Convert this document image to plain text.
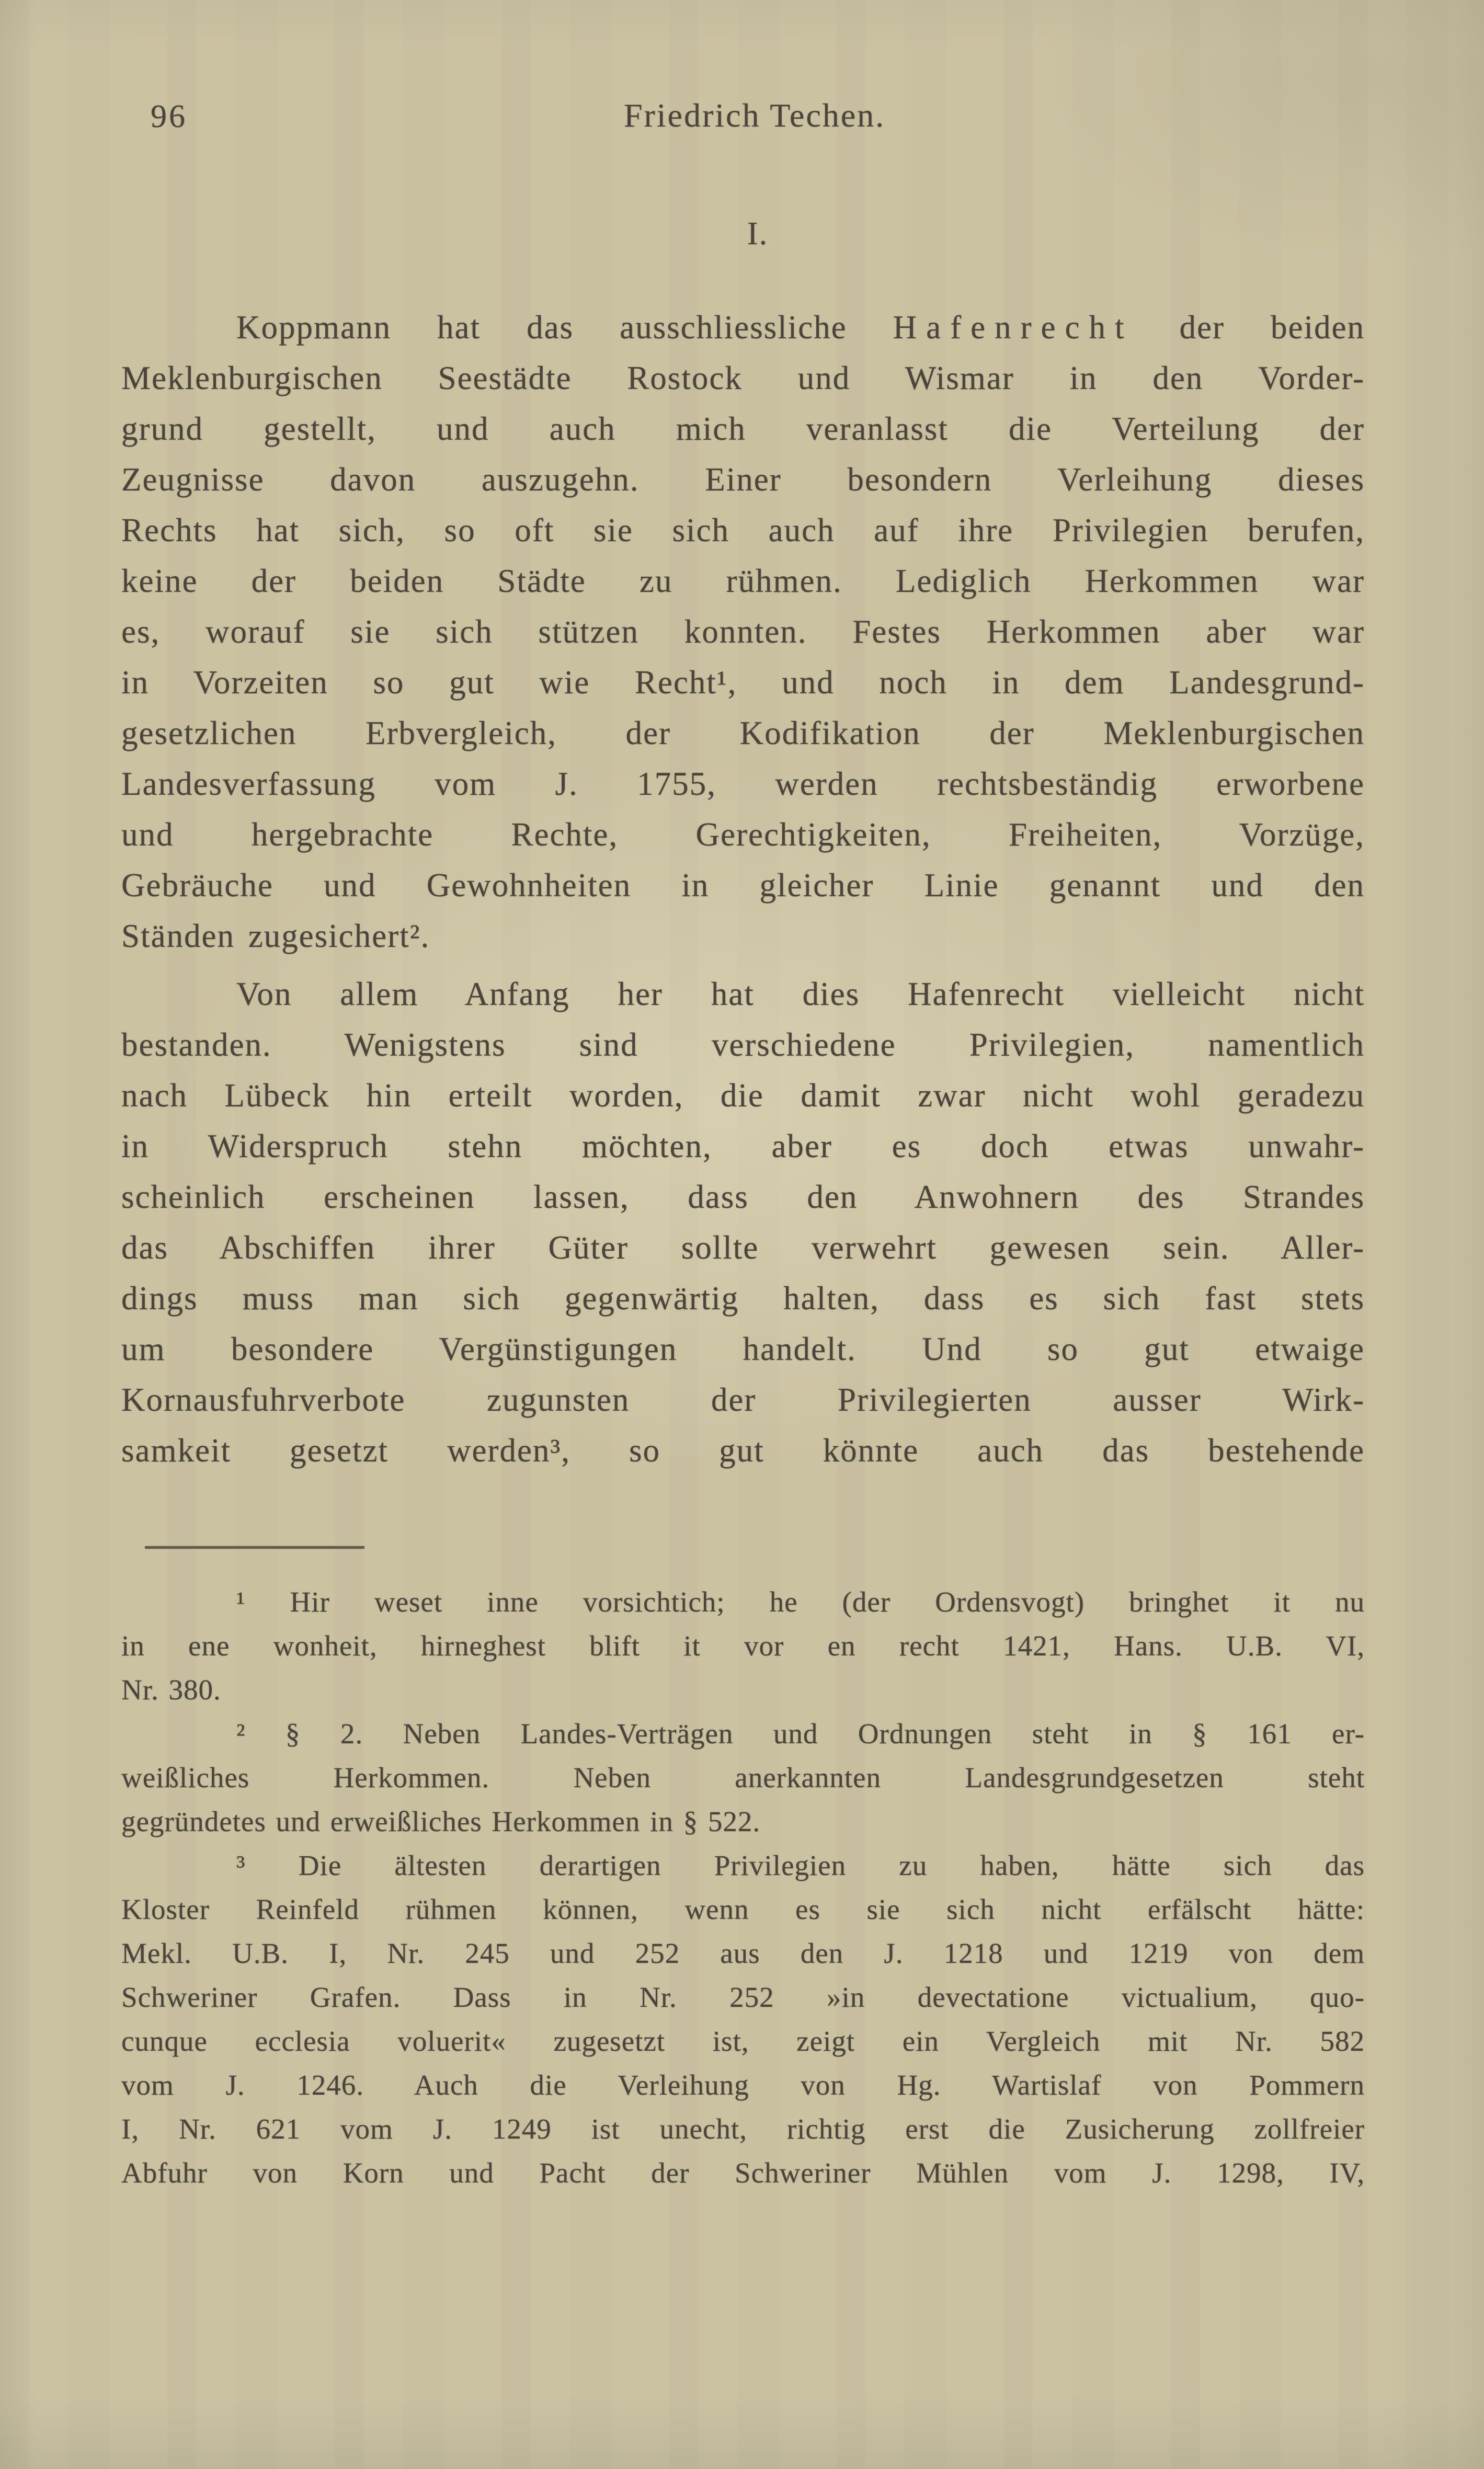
96	Friedrich Techen.
I.
Koppmann hat das ausschliessliche Hafenrecht der beiden
Meklenburgischen Seestädte Rostock und Wismar in den Vorder-
grund gestellt, und auch mich veranlasst die Verteilung der
Zeugnisse davon auszugehn. Einer besondern Verleihung dieses
Rechts hat sich, so oft sie sich auch auf ihre Privilegien berufen,
keine der beiden Städte zu rühmen. Lediglich Herkommen war
es, worauf sie sich stützen konnten. Festes Herkommen aber war
in Vorzeiten so gut wie Recht¹, und noch in dem Landesgrund-
gesetzlichen Erbvergleich, der Kodifikation der Meklenburgischen
Landesverfassung vom J. 1755, werden rechtsbeständig erworbene
und hergebrachte Rechte, Gerechtigkeiten, Freiheiten, Vorzüge,
Gebräuche und Gewohnheiten in gleicher Linie genannt und den
Ständen zugesichert².
Von allem Anfang her hat dies Hafenrecht vielleicht nicht
bestanden. Wenigstens sind verschiedene Privilegien, namentlich
nach Lübeck hin erteilt worden, die damit zwar nicht wohl geradezu
in Widerspruch stehn möchten, aber es doch etwas unwahr-
scheinlich erscheinen lassen, dass den Anwohnern des Strandes
das Abschiffen ihrer Güter sollte verwehrt gewesen sein. Aller-
dings muss man sich gegenwärtig halten, dass es sich fast stets
um besondere Vergünstigungen handelt. Und so gut etwaige
Kornausfuhrverbote zugunsten der Privilegierten ausser Wirk-
samkeit gesetzt werden³, so gut könnte auch das bestehende
¹ Hir weset inne vorsichtich; he (der Ordensvogt) bringhet it nu
in ene wonheit, hirneghest blift it vor en recht 1421, Hans. U.B. VI,
Nr. 380.
² § 2. Neben Landes-Verträgen und Ordnungen steht in § 161 er-
weißliches Herkommen. Neben anerkannten Landesgrundgesetzen steht
gegründetes und erweißliches Herkommen in § 522.
³ Die ältesten derartigen Privilegien zu haben, hätte sich das
Kloster Reinfeld rühmen können, wenn es sie sich nicht erfälscht hätte:
Mekl. U.B. I, Nr. 245 und 252 aus den J. 1218 und 1219 von dem
Schweriner Grafen. Dass in Nr. 252 »in devectatione victualium, quo-
cunque ecclesia voluerit« zugesetzt ist, zeigt ein Vergleich mit Nr. 582
vom J. 1246. Auch die Verleihung von Hg. Wartislaf von Pommern
I, Nr. 621 vom J. 1249 ist unecht, richtig erst die Zusicherung zollfreier
Abfuhr von Korn und Pacht der Schweriner Mühlen vom J. 1298, IV,
